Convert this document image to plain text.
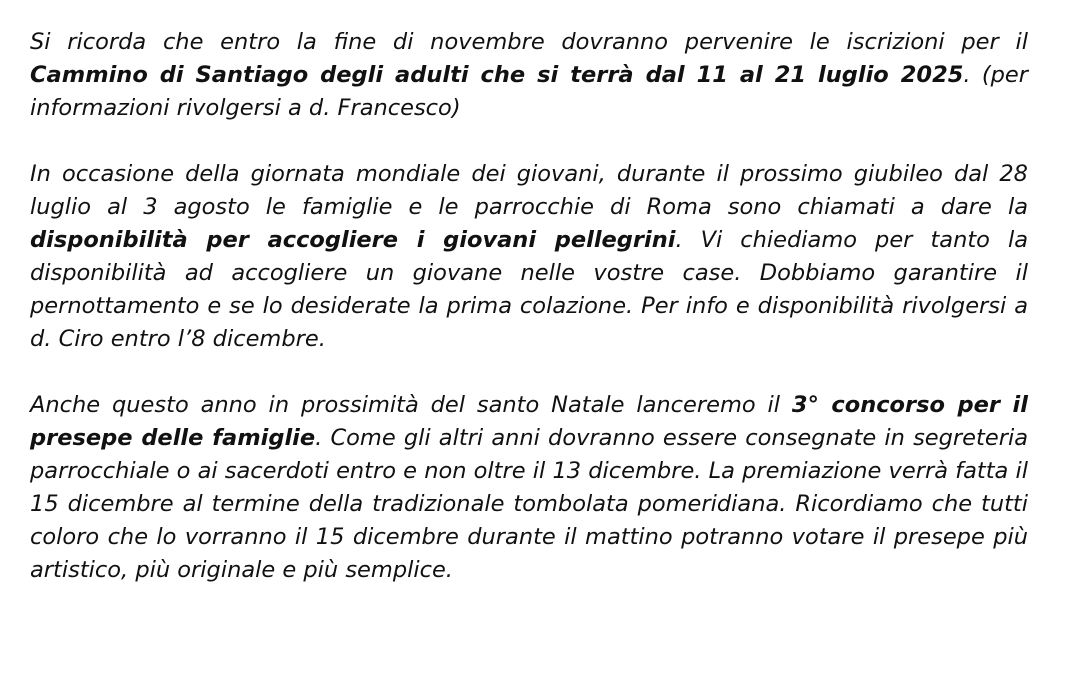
Si ricorda che entro la fine di novembre dovranno pervenire le iscrizioni per il Cammino di Santiago degli adulti che si terrà dal 11 al 21 luglio 2025. (per informazioni rivolgersi a d. Francesco)

In occasione della giornata mondiale dei giovani, durante il prossimo giubileo dal 28 luglio al 3 agosto le famiglie e le parrocchie di Roma sono chiamati a dare la disponibilità per accogliere i giovani pellegrini. Vi chiediamo per tanto la disponibilità ad accogliere un giovane nelle vostre case. Dobbiamo garantire il pernottamento e se lo desiderate la prima colazione. Per info e disponibilità rivolgersi a d. Ciro entro l’8 dicembre.

Anche questo anno in prossimità del santo Natale lanceremo il 3° concorso per il presepe delle famiglie. Come gli altri anni dovranno essere consegnate in segreteria parrocchiale o ai sacerdoti entro e non oltre il 13 dicembre. La premiazione verrà fatta il 15 dicembre al termine della tradizionale tombolata pomeridiana. Ricordiamo che tutti coloro che lo vorranno il 15 dicembre durante il mattino potranno votare il presepe più artistico, più originale e più semplice.
